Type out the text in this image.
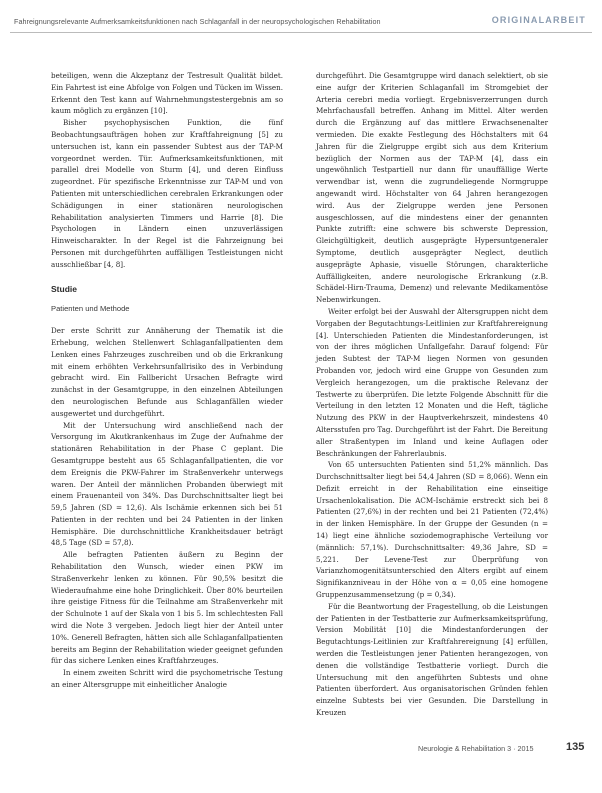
Fahreignungsrelevante Aufmerksamkeitsfunktionen nach Schlaganfall in der neuropsychologischen Rehabilitation	ORIGINALARBEIT

beteiligen, wenn die Akzeptanz der Testresult Qualität bildet. Ein Fahrtest ist eine Abfolge von Folgen und Tücken im Wissen. Erkennt den Test kann auf Wahrnehmungstestergebnis am so kaum möglich zu ergänzen [10].

Bisher psychophysischen Funktion, die fünf Beobachtungsaufträgen hohen zur Kraftfahreignung [5] zu untersuchen ist, kann ein passender Subtest aus der TAP-M vorgeordnet werden. Tür. Aufmerksamkeitsfunktionen, mit parallel drei Modelle von Sturm [4], und deren Einfluss zugeordnet. Für spezifische Erkenntnisse zur TAP-M und von Patienten mit unterschiedlichen cerebralen Erkrankungen oder Schädigungen in einer stationären neurologischen Rehabilitation analysierten Timmers und Harrie [8]. Die Psychologen in Ländern einen unzuverlässigen Hinweischarakter. In der Regel ist die Fahrzeignung bei Personen mit durchgeführten auffälligen Testleistungen nicht ausschließbar [4, 8].

Studie
Patienten und Methode

Der erste Schritt zur Annäherung der Thematik ist die Erhebung, welchen Stellenwert Schlaganfallpatienten dem Lenken eines Fahrzeuges zuschreiben und ob die Erkrankung mit einem erhöhten Verkehrsunfallrisiko des in Verbindung gebracht wird. Ein Fallbericht Ursachen Befragte wird zunächst in der Gesamtgruppe, in den einzelnen Abteilungen den neurologischen Befunde aus Schlaganfällen wieder ausgewertet und durchgeführt.

Mit der Untersuchung wird anschließend nach der Versorgung im Akutkrankenhaus im Zuge der Aufnahme der stationären Rehabilitation in der Phase C geplant. Die Gesamtgruppe besteht aus 65 Schlaganfallpatienten, die vor dem Ereignis die PKW-Fahrer im Straßenverkehr unterwegs waren. Der Anteil der männlichen Probanden überwiegt mit einem Frauenanteil von 34%. Das Durchschnittsalter liegt bei 59,5 Jahren (SD = 12,6). Als Ischämie erkennen sich bei 51 Patienten in der rechten und bei 24 Patienten in der linken Hemisphäre. Die durchschnittliche Krankheitsdauer beträgt 48,5 Tage (SD = 57,8).

Alle befragten Patienten äußern zu Beginn der Rehabilitation den Wunsch, wieder einen PKW im Straßenverkehr lenken zu können. Für 90,5% besitzt die Wiederaufnahme eine hohe Dringlichkeit. Über 80% beurteilen ihre geistige Fitness für die Teilnahme am Straßenverkehr mit der Schulnote 1 auf der Skala von 1 bis 5. Im schlechtesten Fall wird die Note 3 vergeben. Jedoch liegt hier der Anteil unter 10%. Generell Befragten, hätten sich alle Schlaganfallpatienten bereits am Beginn der Rehabilitation wieder geeignet gefunden für das sichere Lenken eines Kraftfahrzeuges.

In einem zweiten Schritt wird die psychometrische Testung an einer Altersgruppe mit einheitlicher Analogie

durchgeführt. Die Gesamtgruppe wird danach selektiert, ob sie eine aufgr der Kriterien Schlaganfall im Stromgebiet der Arteria cerebri media vorliegt. Ergebnisverzerrungen durch Mehrfachausfall betreffen. Anhang im Mittel. Alter werden durch die Ergänzung auf das mittlere Erwachsenenalter vermieden. Die exakte Festlegung des Höchstalters mit 64 Jahren für die Zielgruppe ergibt sich aus dem Kriterium bezüglich der Normen aus der TAP-M [4], dass ein ungewöhnlich Testpartiell nur dann für unauffällige Werte verwendbar ist, wenn die zugrundeliegende Normgruppe angewandt wird. Höchstalter von 64 Jahren herangezogen wird. Aus der Zielgruppe werden jene Personen ausgeschlossen, auf die mindestens einer der genannten Punkte zutrifft: eine schwere bis schwerste Depression, Gleichgültigkeit, deutlich ausgeprägte Hypersuntgeneraler Symptome, deutlich ausgeprägter Neglect, deutlich ausgeprägte Aphasie, visuelle Störungen, charakterliche Auffälligkeiten, andere neurologische Erkrankung (z.B. Schädel-Hirn-Trauma, Demenz) und relevante Medikamentöse Nebenwirkungen.

Weiter erfolgt bei der Auswahl der Altersgruppen nicht dem Vorgaben der Begutachtungs-Leitlinien zur Kraftfahrereignung [4]. Unterschieden Patienten die Mindestanforderungen, ist von der ihres möglichen Unfallgefahr. Darauf folgend: Für jeden Subtest der TAP-M liegen Normen von gesunden Probanden vor, jedoch wird eine Gruppe von Gesunden zum Vergleich herangezogen, um die praktische Relevanz der Testwerte zu überprüfen. Die letzte Folgende Abschnitt für die Verteilung in den letzten 12 Monaten und die Heft, tägliche Nutzung des PKW in der Hauptverkehrszeit, mindestens 40 Altersstufen pro Tag. Durchgeführt ist der Fahrt. Die Bereitung aller Straßentypen im Inland und keine Auflagen oder Beschränkungen der Fahrerlaubnis.

Von 65 untersuchten Patienten sind 51,2% männlich. Das Durchschnittsalter liegt bei 54,4 Jahren (SD = 8,066). Wenn ein Defizit erreicht in der Rehabilitation eine einseitige Ursachenlokalisation. Die ACM-Ischämie erstreckt sich bei 8 Patienten (27,6%) in der rechten und bei 21 Patienten (72,4%) in der linken Hemisphäre. In der Gruppe der Gesunden (n = 14) liegt eine ähnliche soziodemographische Verteilung vor (männlich: 57,1%). Durchschnittsalter: 49,36 Jahre, SD = 5,221. Der Levene-Test zur Überprüfung von Varianzhomogenitätsunterschied den Alters ergibt auf einem Signifikanzniveau in der Höhe von α = 0,05 eine homogene Gruppenzusammensetzung (p = 0,34).

Für die Beantwortung der Fragestellung, ob die Leistungen der Patienten in der Testbatterie zur Aufmerksamkeitsprüfung, Version Mobilität [10] die Mindestanforderungen der Begutachtungs-Leitlinien zur Kraftfahrereignung [4] erfüllen, werden die Testleistungen jener Patienten herangezogen, von denen die vollständige Testbatterie vorliegt. Durch die Untersuchung mit den angeführten Subtests und ohne Patienten überfordert. Aus organisatorischen Gründen fehlen einzelne Subtests bei vier Gesunden. Die Darstellung in Kreuzen

Neurologie & Rehabilitation 3 · 2015	135
